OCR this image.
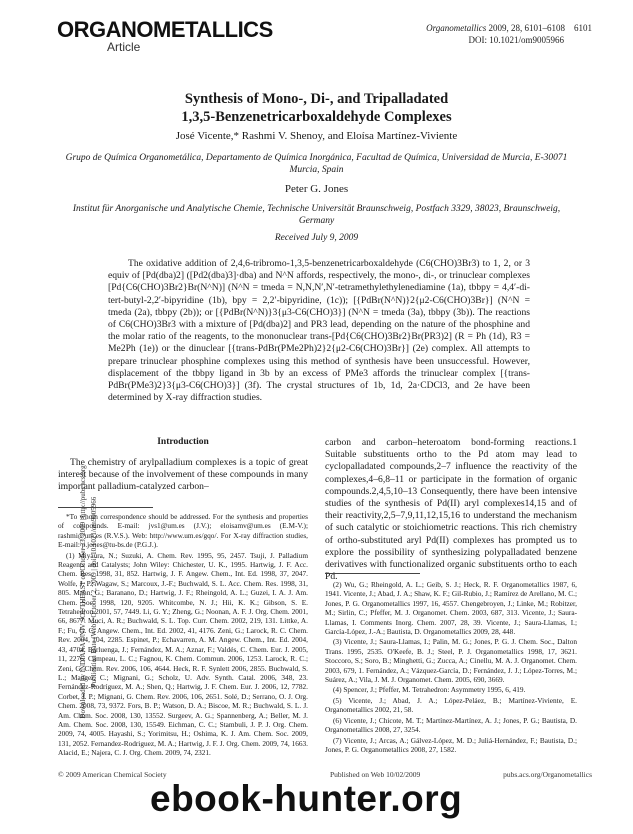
Downloaded by INDIANA UNIV SOUTHEAST on October 23, 2009 | http://pubs.acs.org Publication Date (Web): October 2, 2009 | doi: 10.1021/om9005966
ORGANOMETALLICS
Article
Organometallics 2009, 28, 6101–6108 6101
DOI: 10.1021/om9005966
Synthesis of Mono-, Di-, and Tripalladated
1,3,5-Benzenetricarboxaldehyde Complexes
José Vicente,* Rashmi V. Shenoy, and Eloísa Martínez-Viviente
Grupo de Química Organometálica, Departamento de Química Inorgánica, Facultad de Química, Universidad de Murcia, E-30071 Murcia, Spain
Peter G. Jones
Institut für Anorganische und Analytische Chemie, Technische Universität Braunschweig, Postfach 3329, 38023, Braunschweig, Germany
Received July 9, 2009
The oxidative addition of 2,4,6-tribromo-1,3,5-benzenetricarboxaldehyde (C6(CHO)3Br3) to 1, 2, or 3 equiv of [Pd(dba)2] ([Pd2(dba)3]·dba) and N^N affords, respectively, the mono-, di-, or trinuclear complexes [Pd{C6(CHO)3Br2}Br(N^N)] (N^N = tmeda = N,N,N′,N′-tetramethylethylenediamine (1a), tbbpy = 4,4′-di-tert-butyl-2,2′-bipyridine (1b), bpy = 2,2′-bipyridine, (1c)); [{PdBr(N^N)}2{μ2-C6(CHO)3Br}] (N^N = tmeda (2a), tbbpy (2b)); or [{PdBr(N^N)}3{μ3-C6(CHO)3}] (N^N = tmeda (3a), tbbpy (3b)). The reactions of C6(CHO)3Br3 with a mixture of [Pd(dba)2] and PR3 lead, depending on the nature of the phosphine and the molar ratio of the reagents, to the mononuclear trans-[Pd{C6(CHO)3Br2}Br(PR3)2] (R = Ph (1d), R3 = Me2Ph (1e)) or the dinuclear [{trans-PdBr(PMe2Ph)2}2{μ2-C6(CHO)3Br}] (2e) complex. All attempts to prepare trinuclear phosphine complexes using this method of synthesis have been unsuccessful. However, displacement of the tbbpy ligand in 3b by an excess of PMe3 affords the trinuclear complex [{trans-PdBr(PMe3)2}3{μ3-C6(CHO)3}] (3f). The crystal structures of 1b, 1d, 2a·CDCl3, and 2e have been determined by X-ray diffraction studies.
Introduction
The chemistry of arylpalladium complexes is a topic of great interest because of the involvement of these compounds in many important palladium-catalyzed carbon–

*To whom correspondence should be addressed. For the synthesis and properties of compounds. E-mail: jvs1@um.es (J.V.); eloisamv@um.es (E.M-V.); rashmi@um.es (R.V.S.). Web: http://www.um.es/gqo/. For X-ray diffraction studies, E-mail: p.jones@tu-bs.de (P.G.J.).

(1) Miyaura, N.; Suzuki, A. Chem. Rev. 1995, 95, 2457. Tsuji, J. Palladium Reagents and Catalysts; John Wiley: Chichester, U. K., 1995. Hartwig, J. F. Acc. Chem. Res. 1998, 31, 852. Hartwig, J. F. Angew. Chem., Int. Ed. 1998, 37, 2047. Wolfe, J. P.; Wagaw, S.; Marcoux, J.-F.; Buchwald, S. L. Acc. Chem. Res. 1998, 31, 805. Mann, G.; Baranano, D.; Hartwig, J. F.; Rheingold, A. L.; Guzei, I. A. J. Am. Chem. Soc. 1998, 120, 9205. Whitcombe, N. J.; Hii, K. K.; Gibson, S. E. Tetrahedron 2001, 57, 7449. Li, G. Y.; Zheng, G.; Noonan, A. F. J. Org. Chem. 2001, 66, 8677. Muci, A. R.; Buchwald, S. L. Top. Curr. Chem. 2002, 219, 131. Littke, A. F.; Fu, G. C. Angew. Chem., Int. Ed. 2002, 41, 4176. Zeni, G.; Larock, R. C. Chem. Rev. 2004, 104, 2285. Espinet, P.; Echavarren, A. M. Angew. Chem., Int. Ed. 2004, 43, 4704. Barluenga, J.; Fernández, M. A.; Aznar, F.; Valdés, C. Chem. Eur. J. 2005, 11, 2276. Campeau, L. C.; Fagnou, K. Chem. Commun. 2006, 1253. Larock, R. C.; Zeni, G. Chem. Rev. 2006, 106, 4644. Heck, R. F. Synlett 2006, 2855. Buchwald, S. L.; Mauger, C.; Mignani, G.; Scholz, U. Adv. Synth. Catal. 2006, 348, 23. Fernández-Rodríguez, M. A.; Shen, Q.; Hartwig, J. F. Chem. Eur. J. 2006, 12, 7782. Corbet, J. P.; Mignani, G. Chem. Rev. 2006, 106, 2651. Solé, D.; Serrano, O. J. Org. Chem. 2008, 73, 9372. Fors, B. P.; Watson, D. A.; Biscoe, M. R.; Buchwald, S. L. J. Am. Chem. Soc. 2008, 130, 13552. Surgeev, A. G.; Spannenberg, A.; Beller, M. J. Am. Chem. Soc. 2008, 130, 15549. Eichman, C. C.; Stambuli, J. P. J. Org. Chem. 2009, 74, 4005. Hayashi, S.; Yorimitsu, H.; Oshima, K. J. Am. Chem. Soc. 2009, 131, 2052. Fernandez-Rodriguez, M. A.; Hartwig, J. F. J. Org. Chem. 2009, 74, 1663. Alacid, E.; Najera, C. J. Org. Chem. 2009, 74, 2321.

carbon and carbon–heteroatom bond-forming reactions.1 Suitable substituents ortho to the Pd atom may lead to cyclopalladated compounds,2–7 influence the reactivity of the complexes,4–6,8–11 or participate in the formation of organic compounds.2,4,5,10–13 Consequently, there have been intensive studies of the synthesis of Pd(II) aryl complexes14,15 and of their reactivity,2,5–7,9,11,12,15,16 to understand the mechanism of such catalytic or stoichiometric reactions. This rich chemistry of ortho-substituted aryl Pd(II) complexes has prompted us to explore the possibility of synthesizing polypalladated benzene derivatives with functionalized organic substituents ortho to each Pd.

(2) Wu, G.; Rheingold, A. L.; Geib, S. J.; Heck, R. F. Organometallics 1987, 6, 1941. Vicente, J.; Abad, J. A.; Shaw, K. F.; Gil-Rubio, J.; Ramírez de Arellano, M. C.; Jones, P. G. Organometallics 1997, 16, 4557. Chengebroyen, J.; Linke, M.; Robitzer, M.; Sirlin, C.; Pfeffer, M. J. Organomet. Chem. 2003, 687, 313. Vicente, J.; Saura-Llamas, I. Comments Inorg. Chem. 2007, 28, 39. Vicente, J.; Saura-Llamas, I.; García-López, J.-A.; Bautista, D. Organometallics 2009, 28, 448.

(3) Vicente, J.; Saura-Llamas, I.; Palin, M. G.; Jones, P. G. J. Chem. Soc., Dalton Trans. 1995, 2535. O'Keefe, B. J.; Steel, P. J. Organometallics 1998, 17, 3621. Stoccoro, S.; Soro, B.; Minghetti, G.; Zucca, A.; Cinellu, M. A. J. Organomet. Chem. 2003, 679, 1. Fernández, A.; Vázquez-García, D.; Fernández, J. J.; López-Torres, M.; Suárez, A.; Vila, J. M. J. Organomet. Chem. 2005, 690, 3669.

(4) Spencer, J.; Pfeffer, M. Tetrahedron: Asymmetry 1995, 6, 419.

(5) Vicente, J.; Abad, J. A.; López-Peláez, B.; Martínez-Viviente, E. Organometallics 2002, 21, 58.

(6) Vicente, J.; Chicote, M. T.; Martínez-Martínez, A. J.; Jones, P. G.; Bautista, D. Organometallics 2008, 27, 3254.

(7) Vicente, J.; Arcas, A.; Gálvez-López, M. D.; Juliá-Hernández, F.; Bautista, D.; Jones, P. G. Organometallics 2008, 27, 1582.

© 2009 American Chemical Society	Published on Web 10/02/2009	pubs.acs.org/Organometallics
ebook-hunter.org
